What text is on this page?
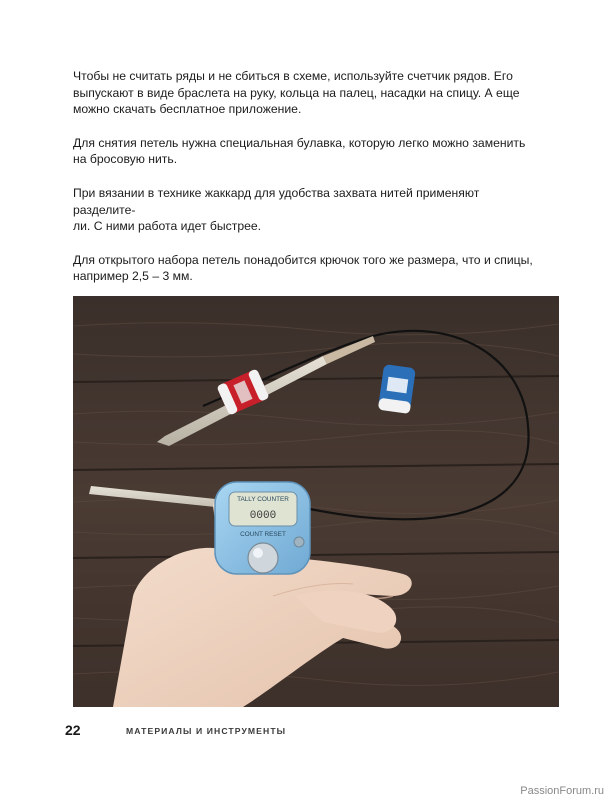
Чтобы не считать ряды и не сбиться в схеме, используйте счетчик рядов. Его
выпускают в виде браслета на руку, кольца на палец, насадки на спицу. А еще
можно скачать бесплатное приложение.

Для снятия петель нужна специальная булавка, которую легко можно заменить
на бросовую нить.

При вязании в технике жаккард для удобства захвата нитей применяют разделите-
ли. С ними работа идет быстрее.

Для открытого набора петель понадобится крючок того же размера, что и спицы,
например 2,5 – 3 мм.

TALLY COUNTER
0000
COUNT RESET
22	МАТЕРИАЛЫ И ИНСТРУМЕНТЫ
PassionForum.ru
